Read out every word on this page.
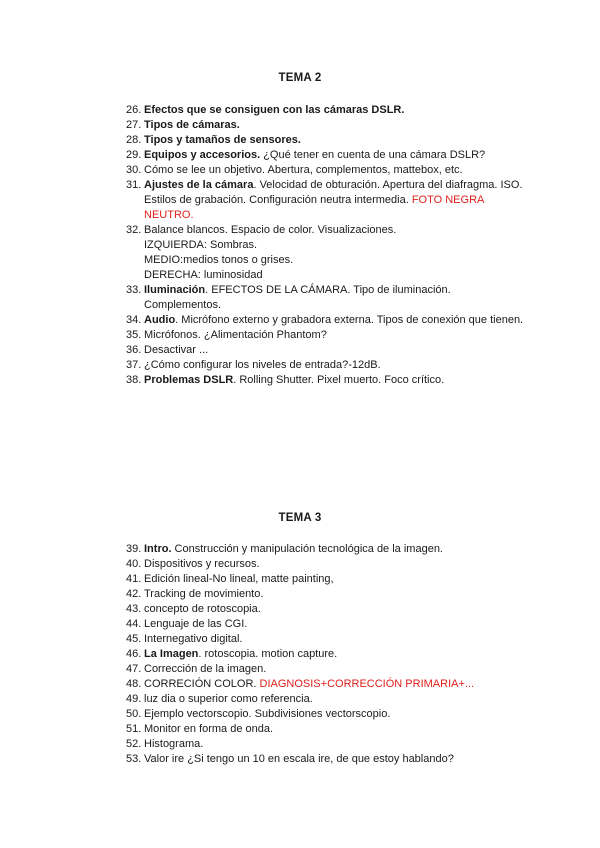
TEMA 2
26. Efectos que se consiguen con las cámaras DSLR.
27. Tipos de cámaras.
28. Tipos y tamaños de sensores.
29. Equipos y accesorios. ¿Qué tener en cuenta de una cámara DSLR?
30. Cómo se lee un objetivo. Abertura, complementos, mattebox, etc.
31. Ajustes de la cámara. Velocidad de obturación. Apertura del diafragma. ISO. Estilos de grabación. Configuración neutra intermedia. FOTO NEGRA NEUTRO.
32. Balance blancos. Espacio de color. Visualizaciones.
IZQUIERDA: Sombras.
MEDIO:medios tonos o grises.
DERECHA: luminosidad
33. Iluminación. EFECTOS DE LA CÁMARA. Tipo de iluminación. Complementos.
34. Audio. Micrófono externo y grabadora externa. Tipos de conexión que tienen.
35. Micrófonos. ¿Alimentación Phantom?
36. Desactivar ...
37. ¿Cómo configurar los niveles de entrada?-12dB.
38. Problemas DSLR. Rolling Shutter. Pixel muerto. Foco crítico.
TEMA 3
39. Intro. Construcción y manipulación tecnológica de la imagen.
40. Dispositivos y recursos.
41. Edición lineal-No lineal, matte painting,
42. Tracking de movimiento.
43. concepto de rotoscopia.
44. Lenguaje de las CGI.
45. Internegativo digital.
46. La Imagen. rotoscopia. motion capture.
47. Corrección de la imagen.
48. CORRECIÓN COLOR. DIAGNOSIS+CORRECCIÓN PRIMARIA+...
49. luz dia o superior como referencia.
50. Ejemplo vectorscopio. Subdivisiones vectorscopio.
51. Monitor en forma de onda.
52. Histograma.
53. Valor ire ¿Si tengo un 10 en escala ire, de que estoy hablando?
